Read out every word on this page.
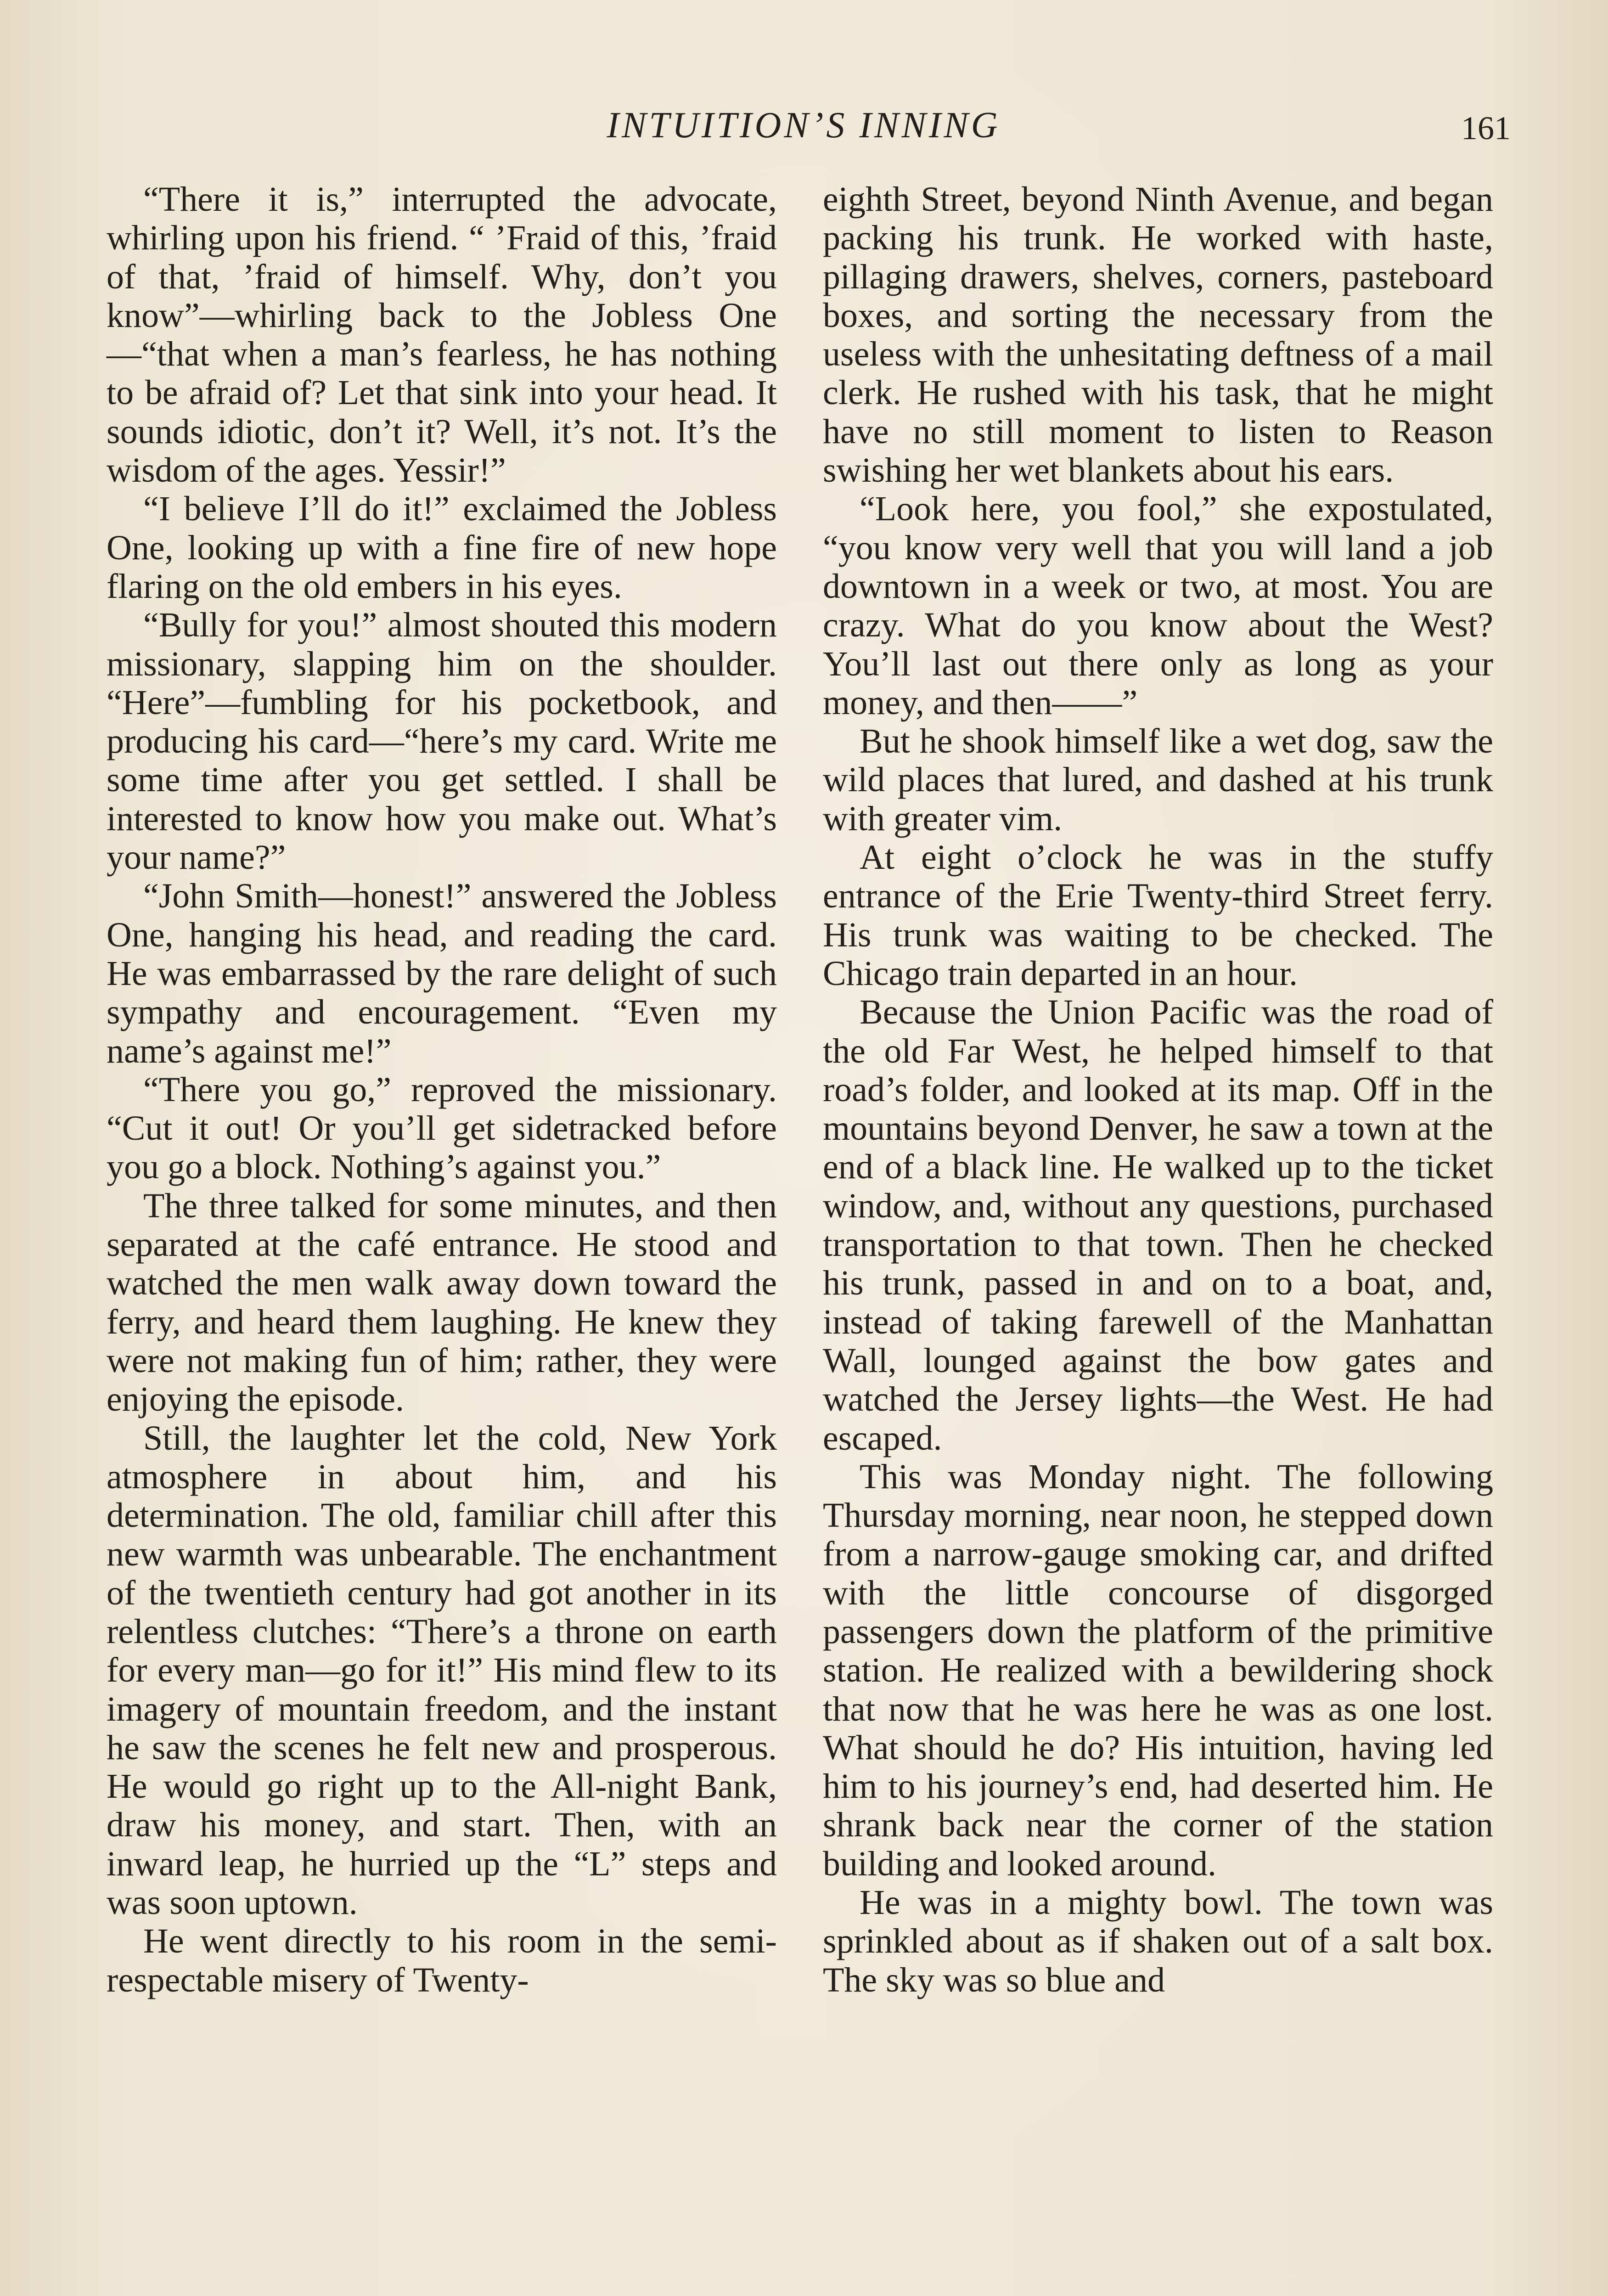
INTUITION’S INNING	161

“There it is,” interrupted the advocate, whirling upon his friend. “ ’Fraid of this, ’fraid of that, ’fraid of himself. Why, don’t you know”—whirling back to the Jobless One—“that when a man’s fearless, he has nothing to be afraid of? Let that sink into your head. It sounds idiotic, don’t it? Well, it’s not. It’s the wisdom of the ages. Yessir!”

“I believe I’ll do it!” exclaimed the Jobless One, looking up with a fine fire of new hope flaring on the old embers in his eyes.

“Bully for you!” almost shouted this modern missionary, slapping him on the shoulder. “Here”—fumbling for his pocketbook, and producing his card—“here’s my card. Write me some time after you get settled. I shall be interested to know how you make out. What’s your name?”

“John Smith—honest!” answered the Jobless One, hanging his head, and reading the card. He was embarrassed by the rare delight of such sympathy and encouragement. “Even my name’s against me!”

“There you go,” reproved the missionary. “Cut it out! Or you’ll get sidetracked before you go a block. Nothing’s against you.”

The three talked for some minutes, and then separated at the café entrance. He stood and watched the men walk away down toward the ferry, and heard them laughing. He knew they were not making fun of him; rather, they were enjoying the episode.

Still, the laughter let the cold, New York atmosphere in about him, and his determination. The old, familiar chill after this new warmth was unbearable. The enchantment of the twentieth century had got another in its relentless clutches: “There’s a throne on earth for every man—go for it!” His mind flew to its imagery of mountain freedom, and the instant he saw the scenes he felt new and prosperous. He would go right up to the All-night Bank, draw his money, and start. Then, with an inward leap, he hurried up the “L” steps and was soon uptown.

He went directly to his room in the semi-respectable misery of Twenty-

eighth Street, beyond Ninth Avenue, and began packing his trunk. He worked with haste, pillaging drawers, shelves, corners, pasteboard boxes, and sorting the necessary from the useless with the unhesitating deftness of a mail clerk. He rushed with his task, that he might have no still moment to listen to Reason swishing her wet blankets about his ears.

“Look here, you fool,” she expostulated, “you know very well that you will land a job downtown in a week or two, at most. You are crazy. What do you know about the West? You’ll last out there only as long as your money, and then——”

But he shook himself like a wet dog, saw the wild places that lured, and dashed at his trunk with greater vim.

At eight o’clock he was in the stuffy entrance of the Erie Twenty-third Street ferry. His trunk was waiting to be checked. The Chicago train departed in an hour.

Because the Union Pacific was the road of the old Far West, he helped himself to that road’s folder, and looked at its map. Off in the mountains beyond Denver, he saw a town at the end of a black line. He walked up to the ticket window, and, without any questions, purchased transportation to that town. Then he checked his trunk, passed in and on to a boat, and, instead of taking farewell of the Manhattan Wall, lounged against the bow gates and watched the Jersey lights—the West. He had escaped.

This was Monday night. The following Thursday morning, near noon, he stepped down from a narrow-gauge smoking car, and drifted with the little concourse of disgorged passengers down the platform of the primitive station. He realized with a bewildering shock that now that he was here he was as one lost. What should he do? His intuition, having led him to his journey’s end, had deserted him. He shrank back near the corner of the station building and looked around.

He was in a mighty bowl. The town was sprinkled about as if shaken out of a salt box. The sky was so blue and
